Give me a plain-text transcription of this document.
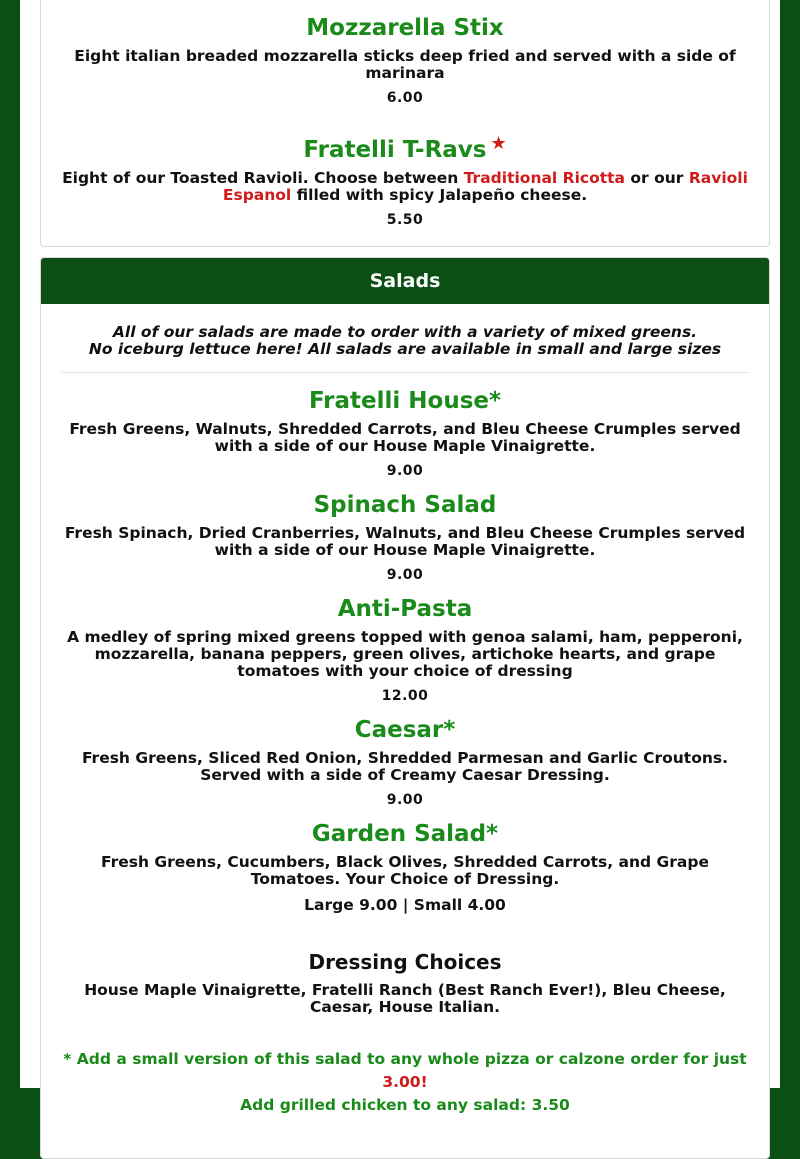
Mozzarella Stix

Eight italian breaded mozzarella sticks deep fried and served with a side of marinara

6.00

Fratelli T-Ravs ★

Eight of our Toasted Ravioli. Choose between Traditional Ricotta or our Ravioli Espanol filled with spicy Jalapeño cheese.

5.50

Salads

All of our salads are made to order with a variety of mixed greens.
No iceburg lettuce here! All salads are available in small and large sizes

Fratelli House*

Fresh Greens, Walnuts, Shredded Carrots, and Bleu Cheese Crumples served with a side of our House Maple Vinaigrette.

9.00

Spinach Salad

Fresh Spinach, Dried Cranberries, Walnuts, and Bleu Cheese Crumples served with a side of our House Maple Vinaigrette.

9.00

Anti-Pasta

A medley of spring mixed greens topped with genoa salami, ham, pepperoni, mozzarella, banana peppers, green olives, artichoke hearts, and grape tomatoes with your choice of dressing

12.00

Caesar*

Fresh Greens, Sliced Red Onion, Shredded Parmesan and Garlic Croutons. Served with a side of Creamy Caesar Dressing.

9.00

Garden Salad*

Fresh Greens, Cucumbers, Black Olives, Shredded Carrots, and Grape Tomatoes. Your Choice of Dressing.

Large 9.00 | Small 4.00

Dressing Choices

House Maple Vinaigrette, Fratelli Ranch (Best Ranch Ever!), Bleu Cheese, Caesar, House Italian.

* Add a small version of this salad to any whole pizza or calzone order for just 3.00!

Add grilled chicken to any salad: 3.50
